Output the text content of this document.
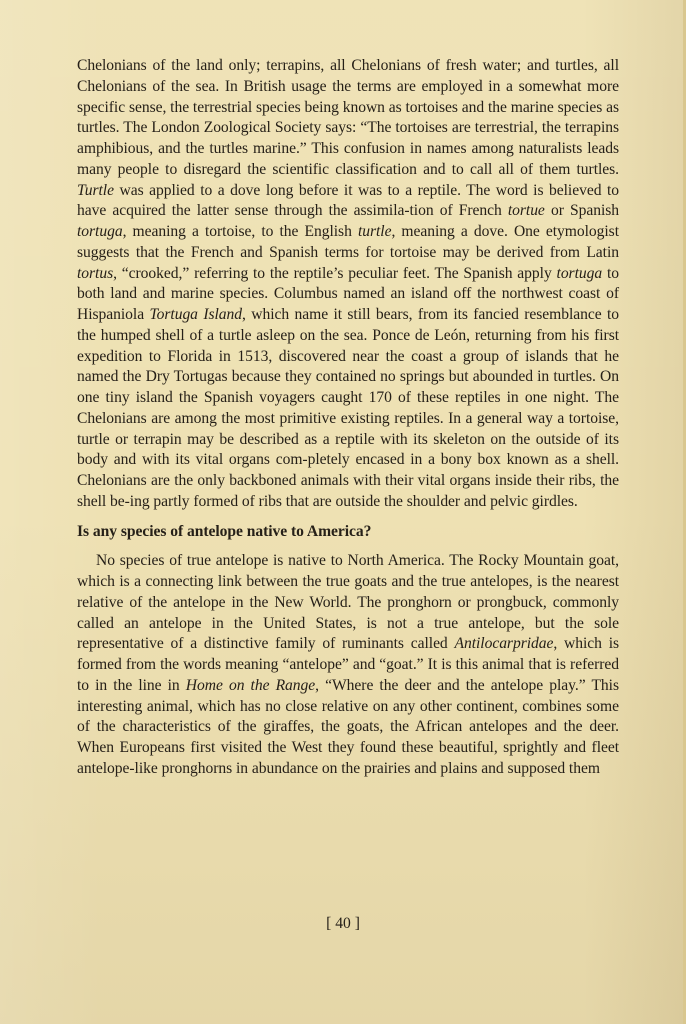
Chelonians of the land only; terrapins, all Chelonians of fresh water; and turtles, all Chelonians of the sea. In British usage the terms are employed in a somewhat more specific sense, the terrestrial species being known as tortoises and the marine species as turtles. The London Zoological Society says: “The tortoises are terrestrial, the terrapins amphibious, and the turtles marine.” This confusion in names among naturalists leads many people to disregard the scientific classification and to call all of them turtles. Turtle was applied to a dove long before it was to a reptile. The word is believed to have acquired the latter sense through the assimila-tion of French tortue or Spanish tortuga, meaning a tortoise, to the English turtle, meaning a dove. One etymologist suggests that the French and Spanish terms for tortoise may be derived from Latin tortus, “crooked,” referring to the reptile’s peculiar feet. The Spanish apply tortuga to both land and marine species. Columbus named an island off the northwest coast of Hispaniola Tortuga Island, which name it still bears, from its fancied resemblance to the humped shell of a turtle asleep on the sea. Ponce de León, returning from his first expedition to Florida in 1513, discovered near the coast a group of islands that he named the Dry Tortugas because they contained no springs but abounded in turtles. On one tiny island the Spanish voyagers caught 170 of these reptiles in one night. The Chelonians are among the most primitive existing reptiles. In a general way a tortoise, turtle or terrapin may be described as a reptile with its skeleton on the outside of its body and with its vital organs com-pletely encased in a bony box known as a shell. Chelonians are the only backboned animals with their vital organs inside their ribs, the shell be-ing partly formed of ribs that are outside the shoulder and pelvic girdles.

Is any species of antelope native to America?

No species of true antelope is native to North America. The Rocky Mountain goat, which is a connecting link between the true goats and the true antelopes, is the nearest relative of the antelope in the New World. The pronghorn or prongbuck, commonly called an antelope in the United States, is not a true antelope, but the sole representative of a distinctive family of ruminants called Antilocarpridae, which is formed from the words meaning “antelope” and “goat.” It is this animal that is referred to in the line in Home on the Range, “Where the deer and the antelope play.” This interesting animal, which has no close relative on any other continent, combines some of the characteristics of the giraffes, the goats, the African antelopes and the deer. When Europeans first visited the West they found these beautiful, sprightly and fleet antelope-like pronghorns in abundance on the prairies and plains and supposed them

[ 40 ]
